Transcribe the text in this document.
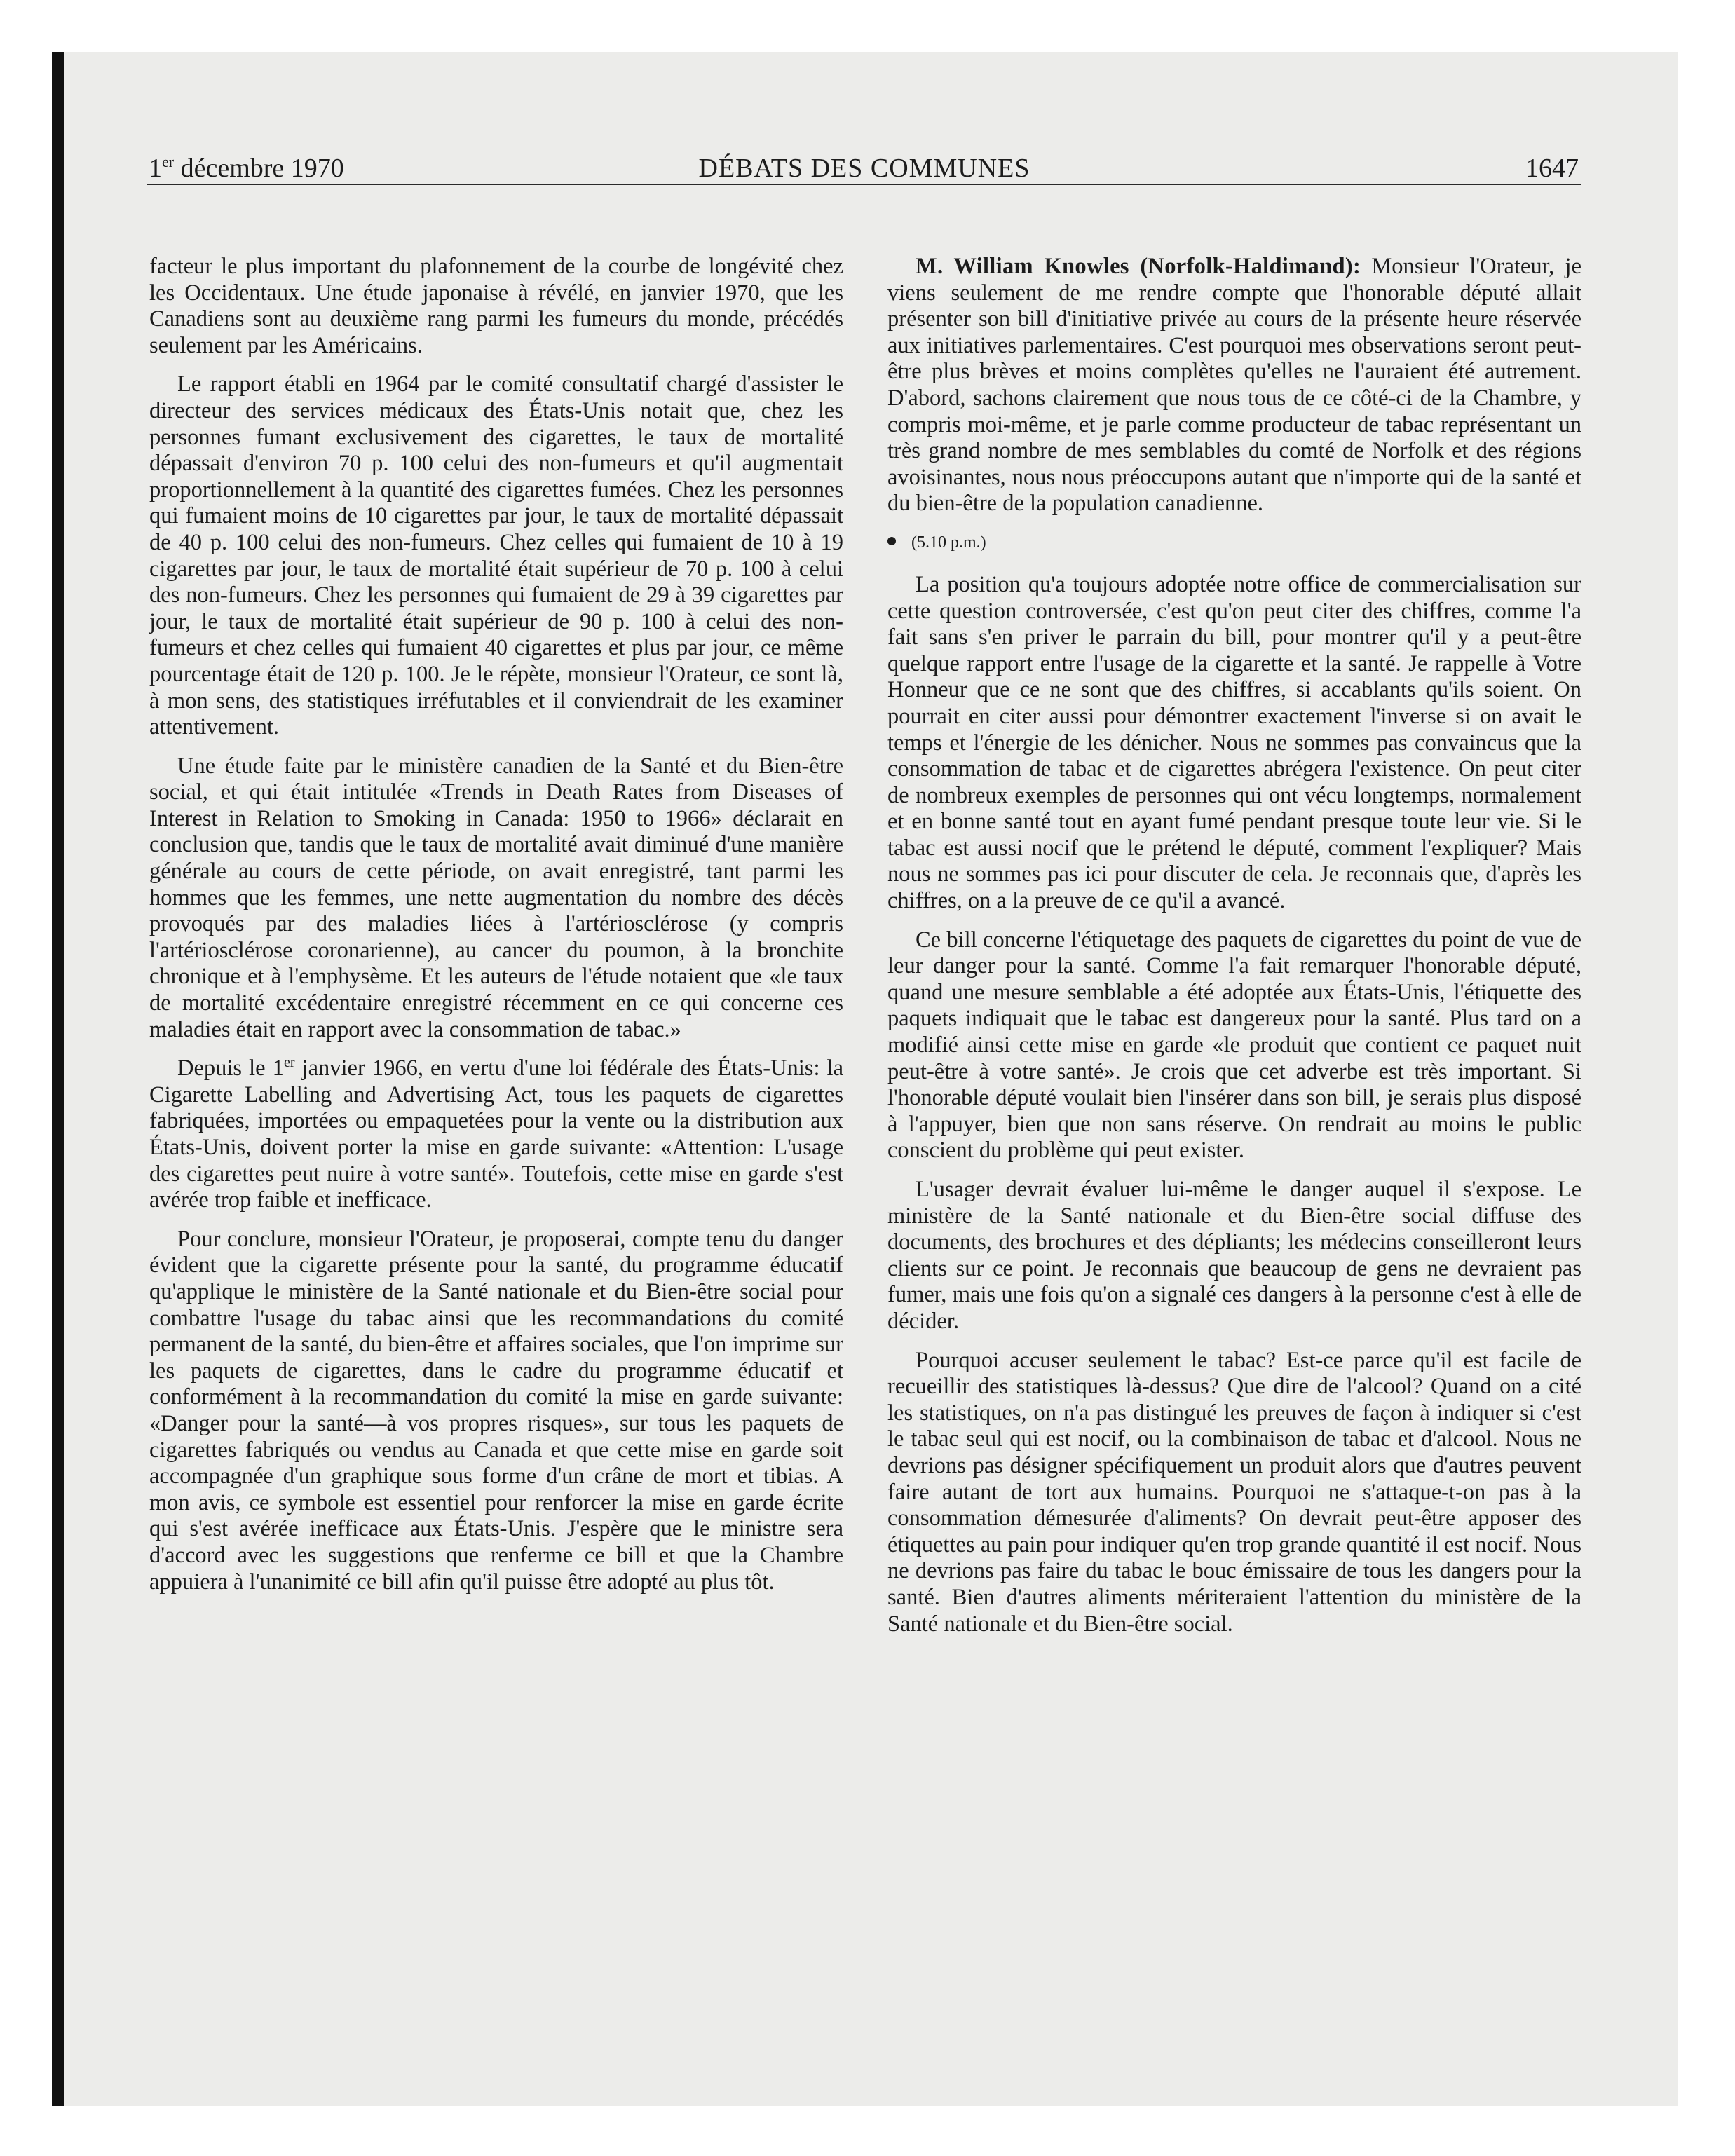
1er décembre 1970	DÉBATS DES COMMUNES	1647

facteur le plus important du plafonnement de la courbe de longévité chez les Occidentaux. Une étude japonaise à révélé, en janvier 1970, que les Canadiens sont au deuxième rang parmi les fumeurs du monde, précédés seulement par les Américains.

Le rapport établi en 1964 par le comité consultatif chargé d'assister le directeur des services médicaux des États-Unis notait que, chez les personnes fumant exclusivement des cigarettes, le taux de mortalité dépassait d'environ 70 p. 100 celui des non-fumeurs et qu'il augmentait proportionnellement à la quantité des cigarettes fumées. Chez les personnes qui fumaient moins de 10 cigarettes par jour, le taux de mortalité dépassait de 40 p. 100 celui des non-fumeurs. Chez celles qui fumaient de 10 à 19 cigarettes par jour, le taux de mortalité était supérieur de 70 p. 100 à celui des non-fumeurs. Chez les personnes qui fumaient de 29 à 39 cigarettes par jour, le taux de mortalité était supérieur de 90 p. 100 à celui des non-fumeurs et chez celles qui fumaient 40 cigarettes et plus par jour, ce même pourcentage était de 120 p. 100. Je le répète, monsieur l'Orateur, ce sont là, à mon sens, des statistiques irréfutables et il conviendrait de les examiner attentivement.

Une étude faite par le ministère canadien de la Santé et du Bien-être social, et qui était intitulée «Trends in Death Rates from Diseases of Interest in Relation to Smoking in Canada: 1950 to 1966» déclarait en conclusion que, tandis que le taux de mortalité avait diminué d'une manière générale au cours de cette période, on avait enregistré, tant parmi les hommes que les femmes, une nette augmentation du nombre des décès provoqués par des maladies liées à l'artériosclérose (y compris l'artériosclérose coronarienne), au cancer du poumon, à la bronchite chronique et à l'emphysème. Et les auteurs de l'étude notaient que «le taux de mortalité excédentaire enregistré récemment en ce qui concerne ces maladies était en rapport avec la consommation de tabac.»

Depuis le 1er janvier 1966, en vertu d'une loi fédérale des États-Unis: la Cigarette Labelling and Advertising Act, tous les paquets de cigarettes fabriquées, importées ou empaquetées pour la vente ou la distribution aux États-Unis, doivent porter la mise en garde suivante: «Attention: L'usage des cigarettes peut nuire à votre santé». Toutefois, cette mise en garde s'est avérée trop faible et inefficace.

Pour conclure, monsieur l'Orateur, je proposerai, compte tenu du danger évident que la cigarette présente pour la santé, du programme éducatif qu'applique le ministère de la Santé nationale et du Bien-être social pour combattre l'usage du tabac ainsi que les recommandations du comité permanent de la santé, du bien-être et affaires sociales, que l'on imprime sur les paquets de cigarettes, dans le cadre du programme éducatif et conformément à la recommandation du comité la mise en garde suivante: «Danger pour la santé—à vos propres risques», sur tous les paquets de cigarettes fabriqués ou vendus au Canada et que cette mise en garde soit accompagnée d'un graphique sous forme d'un crâne de mort et tibias. A mon avis, ce symbole est essentiel pour renforcer la mise en garde écrite qui s'est avérée inefficace aux États-Unis. J'espère que le ministre sera d'accord avec les suggestions que renferme ce bill et que la Chambre appuiera à l'unanimité ce bill afin qu'il puisse être adopté au plus tôt.

M. William Knowles (Norfolk-Haldimand): Monsieur l'Orateur, je viens seulement de me rendre compte que l'honorable député allait présenter son bill d'initiative privée au cours de la présente heure réservée aux initiatives parlementaires. C'est pourquoi mes observations seront peut-être plus brèves et moins complètes qu'elles ne l'auraient été autrement. D'abord, sachons clairement que nous tous de ce côté-ci de la Chambre, y compris moi-même, et je parle comme producteur de tabac représentant un très grand nombre de mes semblables du comté de Norfolk et des régions avoisinantes, nous nous préoccupons autant que n'importe qui de la santé et du bien-être de la population canadienne.

(5.10 p.m.)

La position qu'a toujours adoptée notre office de commercialisation sur cette question controversée, c'est qu'on peut citer des chiffres, comme l'a fait sans s'en priver le parrain du bill, pour montrer qu'il y a peut-être quelque rapport entre l'usage de la cigarette et la santé. Je rappelle à Votre Honneur que ce ne sont que des chiffres, si accablants qu'ils soient. On pourrait en citer aussi pour démontrer exactement l'inverse si on avait le temps et l'énergie de les dénicher. Nous ne sommes pas convaincus que la consommation de tabac et de cigarettes abrégera l'existence. On peut citer de nombreux exemples de personnes qui ont vécu longtemps, normalement et en bonne santé tout en ayant fumé pendant presque toute leur vie. Si le tabac est aussi nocif que le prétend le député, comment l'expliquer? Mais nous ne sommes pas ici pour discuter de cela. Je reconnais que, d'après les chiffres, on a la preuve de ce qu'il a avancé.

Ce bill concerne l'étiquetage des paquets de cigarettes du point de vue de leur danger pour la santé. Comme l'a fait remarquer l'honorable député, quand une mesure semblable a été adoptée aux États-Unis, l'étiquette des paquets indiquait que le tabac est dangereux pour la santé. Plus tard on a modifié ainsi cette mise en garde «le produit que contient ce paquet nuit peut-être à votre santé». Je crois que cet adverbe est très important. Si l'honorable député voulait bien l'insérer dans son bill, je serais plus disposé à l'appuyer, bien que non sans réserve. On rendrait au moins le public conscient du problème qui peut exister.

L'usager devrait évaluer lui-même le danger auquel il s'expose. Le ministère de la Santé nationale et du Bien-être social diffuse des documents, des brochures et des dépliants; les médecins conseilleront leurs clients sur ce point. Je reconnais que beaucoup de gens ne devraient pas fumer, mais une fois qu'on a signalé ces dangers à la personne c'est à elle de décider.

Pourquoi accuser seulement le tabac? Est-ce parce qu'il est facile de recueillir des statistiques là-dessus? Que dire de l'alcool? Quand on a cité les statistiques, on n'a pas distingué les preuves de façon à indiquer si c'est le tabac seul qui est nocif, ou la combinaison de tabac et d'alcool. Nous ne devrions pas désigner spécifiquement un produit alors que d'autres peuvent faire autant de tort aux humains. Pourquoi ne s'attaque-t-on pas à la consommation démesurée d'aliments? On devrait peut-être apposer des étiquettes au pain pour indiquer qu'en trop grande quantité il est nocif. Nous ne devrions pas faire du tabac le bouc émissaire de tous les dangers pour la santé. Bien d'autres aliments mériteraient l'attention du ministère de la Santé nationale et du Bien-être social.
